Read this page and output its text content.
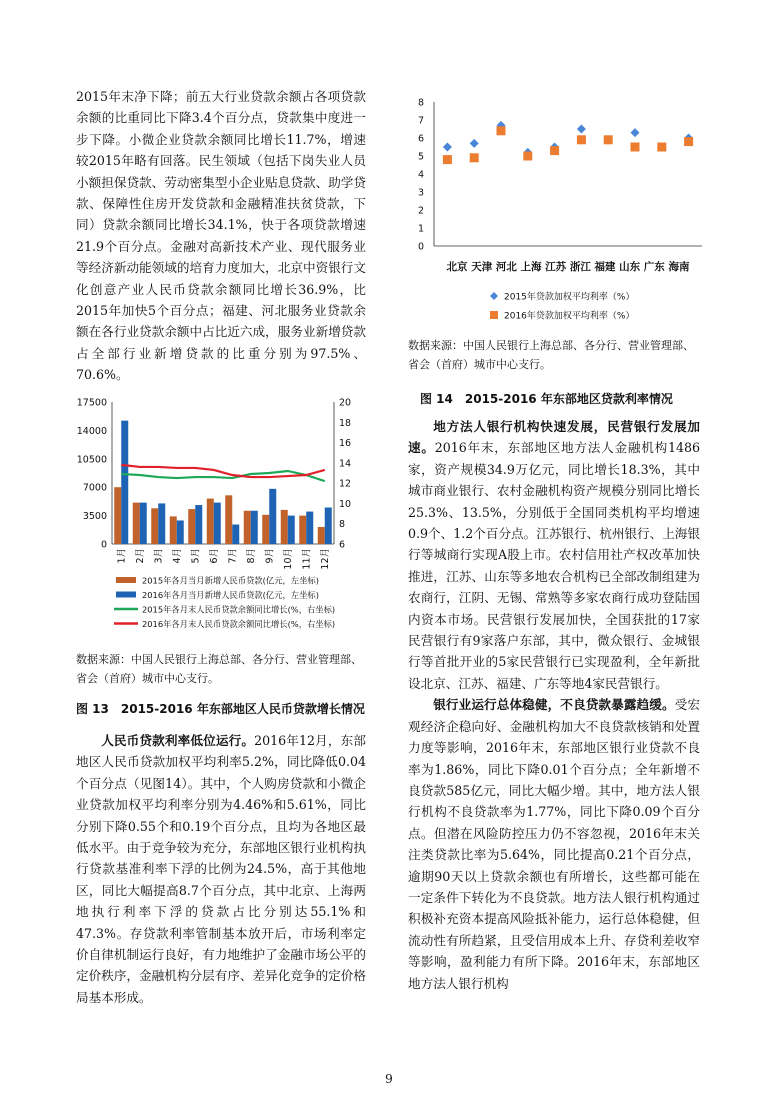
2015年末净下降；前五大行业贷款余额占各项贷款余额的比重同比下降3.4个百分点，贷款集中度进一步下降。小微企业贷款余额同比增长11.7%，增速较2015年略有回落。民生领域（包括下岗失业人员小额担保贷款、劳动密集型小企业贴息贷款、助学贷款、保障性住房开发贷款和金融精准扶贫贷款，下同）贷款余额同比增长34.1%，快于各项贷款增速21.9个百分点。金融对高新技术产业、现代服务业等经济新动能领域的培育力度加大，北京中资银行文化创意产业人民币贷款余额同比增长36.9%，比2015年加快5个百分点；福建、河北服务业贷款余额在各行业贷款余额中占比近六成，服务业新增贷款占全部行业新增贷款的比重分别为97.5%、70.6%。

0
3500
7000
10500
14000
17500
6
8
10
12
14
16
18
20
1月 2月 3月 4月 5月 6月 7月 8月 9月 10月 11月 12月
2015年各月当月新增人民币贷款(亿元，左坐标)
2016年各月当月新增人民币贷款(亿元，左坐标)
2015年各月末人民币贷款余额同比增长(%，右坐标)
2016年各月末人民币贷款余额同比增长(%，右坐标)

数据来源：中国人民银行上海总部、各分行、营业管理部、省会（首府）城市中心支行。

图 13　2015-2016 年东部地区人民币贷款增长情况

人民币贷款利率低位运行。2016年12月，东部地区人民币贷款加权平均利率5.2%，同比降低0.04个百分点（见图14）。其中，个人购房贷款和小微企业贷款加权平均利率分别为4.46%和5.61%，同比分别下降0.55个和0.19个百分点，且均为各地区最低水平。由于竞争较为充分，东部地区银行业机构执行贷款基准利率下浮的比例为24.5%，高于其他地区，同比大幅提高8.7个百分点，其中北京、上海两地执行利率下浮的贷款占比分别达55.1%和47.3%。存贷款利率管制基本放开后，市场利率定价自律机制运行良好，有力地维护了金融市场公平的定价秩序，金融机构分层有序、差异化竞争的定价格局基本形成。

0
1
2
3
4
5
6
7
8
北京 天津 河北 上海 江苏 浙江 福建 山东 广东 海南
2015年贷款加权平均利率（%）
2016年贷款加权平均利率（%）

数据来源：中国人民银行上海总部、各分行、营业管理部、省会（首府）城市中心支行。

图 14　2015-2016 年东部地区贷款利率情况

地方法人银行机构快速发展，民营银行发展加速。2016年末，东部地区地方法人金融机构1486家，资产规模34.9万亿元，同比增长18.3%，其中城市商业银行、农村金融机构资产规模分别同比增长25.3%、13.5%，分别低于全国同类机构平均增速0.9个、1.2个百分点。江苏银行、杭州银行、上海银行等城商行实现A股上市。农村信用社产权改革加快推进，江苏、山东等多地农合机构已全部改制组建为农商行，江阴、无锡、常熟等多家农商行成功登陆国内资本市场。民营银行发展加快，全国获批的17家民营银行有9家落户东部，其中，微众银行、金城银行等首批开业的5家民营银行已实现盈利，全年新批设北京、江苏、福建、广东等地4家民营银行。

银行业运行总体稳健，不良贷款暴露趋缓。受宏观经济企稳向好、金融机构加大不良贷款核销和处置力度等影响，2016年末，东部地区银行业贷款不良率为1.86%，同比下降0.01个百分点；全年新增不良贷款585亿元，同比大幅少增。其中，地方法人银行机构不良贷款率为1.77%，同比下降0.09个百分点。但潜在风险防控压力仍不容忽视，2016年末关注类贷款比率为5.64%，同比提高0.21个百分点，逾期90天以上贷款余额也有所增长，这些都可能在一定条件下转化为不良贷款。地方法人银行机构通过积极补充资本提高风险抵补能力，运行总体稳健，但流动性有所趋紧，且受信用成本上升、存贷利差收窄等影响，盈利能力有所下降。2016年末，东部地区地方法人银行机构

9
